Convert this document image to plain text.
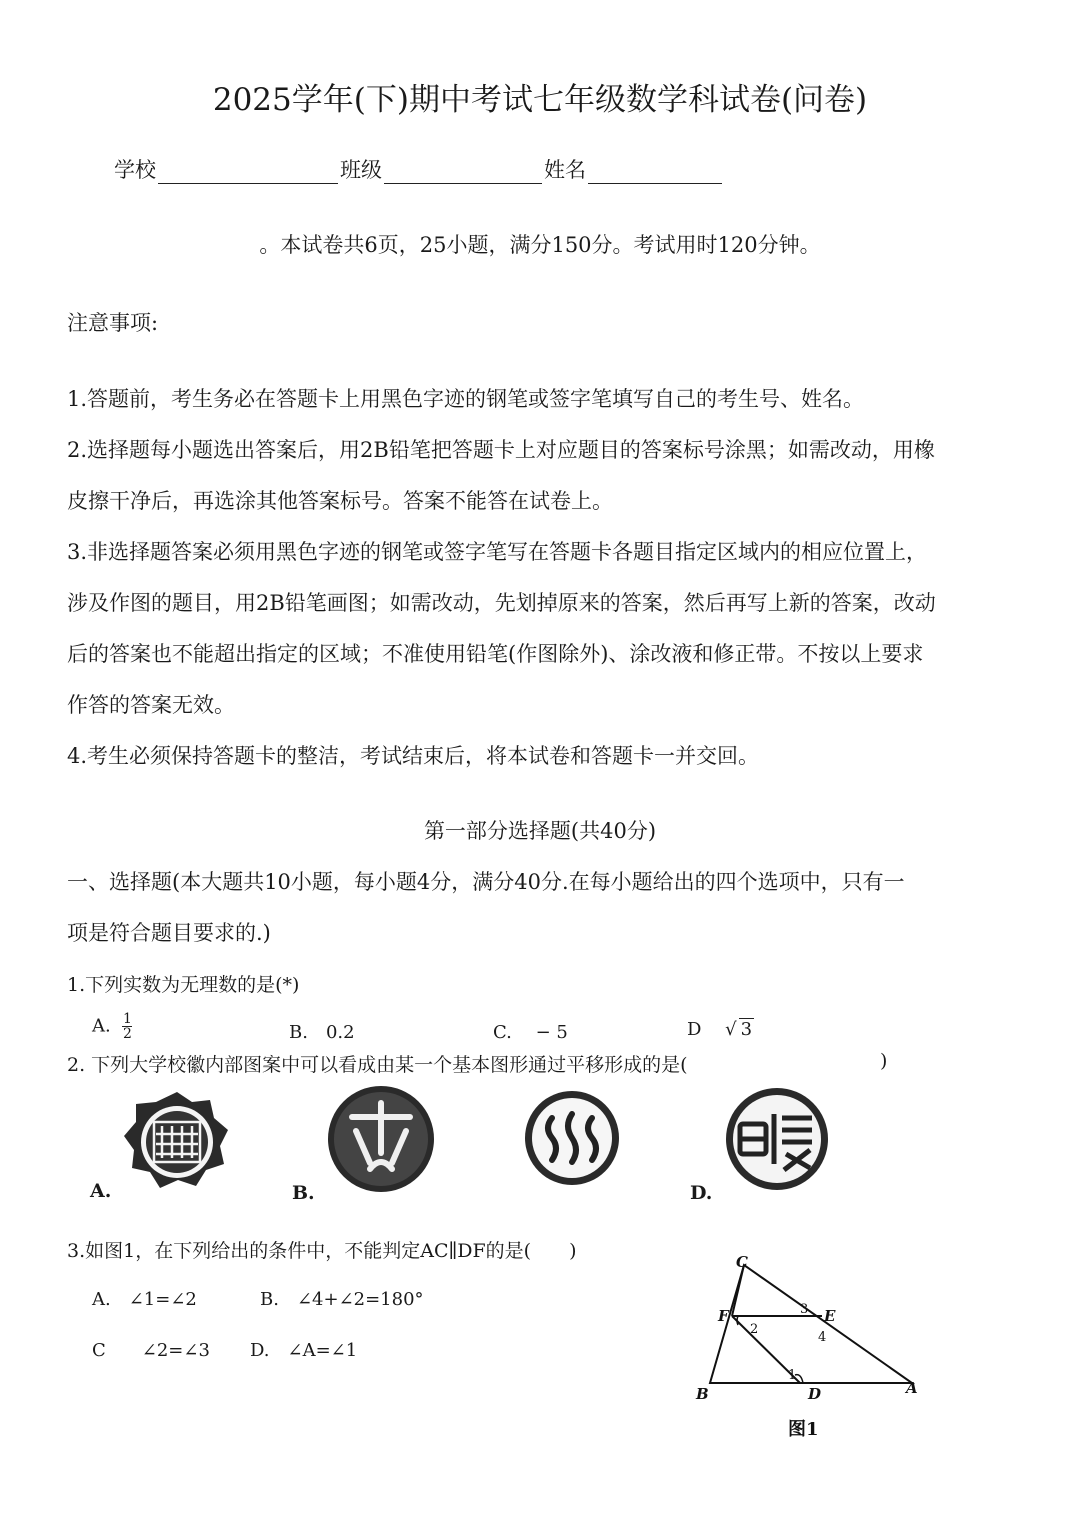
2025学年(下)期中考试七年级数学科试卷(问卷)
学校	班级	姓名
。本试卷共6页，25小题，满分150分。考试用时120分钟。
注意事项:
1.答题前，考生务必在答题卡上用黑色字迹的钢笔或签字笔填写自己的考生号、姓名。
2.选择题每小题选出答案后，用2B铅笔把答题卡上对应题目的答案标号涂黑；如需改动，用橡
皮擦干净后，再选涂其他答案标号。答案不能答在试卷上。
3.非选择题答案必须用黑色字迹的钢笔或签字笔写在答题卡各题目指定区域内的相应位置上，
涉及作图的题目，用2B铅笔画图；如需改动，先划掉原来的答案，然后再写上新的答案，改动
后的答案也不能超出指定的区域；不准使用铅笔(作图除外)、涂改液和修正带。不按以上要求
作答的答案无效。
4.考生必须保持答题卡的整洁，考试结束后，将本试卷和答题卡一并交回。
第一部分选择题(共40分)
一、选择题(本大题共10小题，每小题4分，满分40分.在每小题给出的四个选项中，只有一
项是符合题目要求的.)
1.下列实数为无理数的是(*)
A. $\frac{1}{2}$	B.　0.2	C.　 − 5	D √ 3
2. 下列大学校徽内部图案中可以看成由某一个基本图形通过平移形成的是(	)
A.	B.	D.
3.如图1，在下列给出的条件中，不能判定AC∥DF的是(　　)
A.　∠1=∠2	B.　∠4+∠2=180°
C　　∠2=∠3 D.　∠A=∠1
C
F	E
B	D	A
1
2
3
4
图1
